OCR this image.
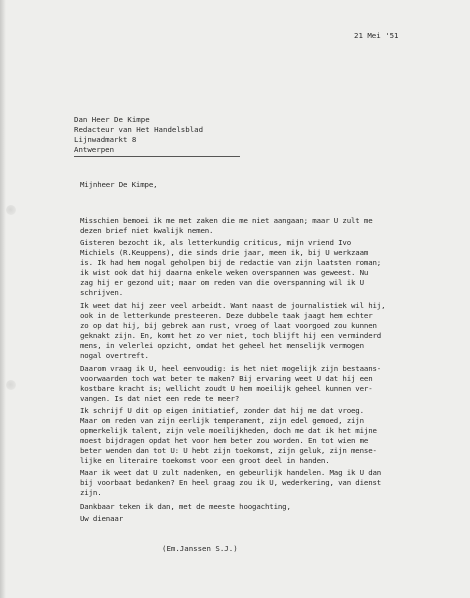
21 Mei '51
Dan Heer De Kimpe
Redacteur van Het Handelsblad
Lijnwadmarkt 8
Antwerpen
Mijnheer De Kimpe,
Misschien bemoei ik me met zaken die me niet aangaan; maar U zult me
dezen brief niet kwalijk nemen.
Gisteren bezocht ik, als letterkundig criticus, mijn vriend Ivo
Michiels (R.Keuppens), die sinds drie jaar, meen ik, bij U werkzaam
is. Ik had hem nogal geholpen bij de redactie van zijn laatsten roman;
ik wist ook dat hij daarna enkele weken overspannen was geweest. Nu
zag hij er gezond uit; maar om reden van die overspanning wil ik U
schrijven.
Ik weet dat hij zeer veel arbeidt. Want naast de journalistiek wil hij,
ook in de letterkunde presteeren. Deze dubbele taak jaagt hem echter
zo op dat hij, bij gebrek aan rust, vroeg of laat voorgoed zou kunnen
geknakt zijn. En, komt het zo ver niet, toch blijft hij een verminderd
mens, in velerlei opzicht, omdat het geheel het menselijk vermogen
nogal overtreft.
Daarom vraag ik U, heel eenvoudig: is het niet mogelijk zijn bestaans-
voorwaarden toch wat beter te maken? Bij ervaring weet U dat hij een
kostbare kracht is; wellicht zoudt U hem moeilijk geheel kunnen ver-
vangen. Is dat niet een rede te meer?
Ik schrijf U dit op eigen initiatief, zonder dat hij me dat vroeg.
Maar om reden van zijn eerlijk temperament, zijn edel gemoed, zijn
opmerkelijk talent, zijn vele moeilijkheden, doch me dat ik het mijne
moest bijdragen opdat het voor hem beter zou worden. En tot wien me
beter wenden dan tot U: U hebt zijn toekomst, zijn geluk, zijn mense-
lijke en literaire toekomst voor een groot deel in handen.
Maar ik weet dat U zult nadenken, en gebeurlijk handelen. Mag ik U dan
bij voorbaat bedanken? En heel graag zou ik U, wederkering, van dienst
zijn.
Dankbaar teken ik dan, met de meeste hoogachting,
Uw dienaar
(Em.Janssen S.J.)
